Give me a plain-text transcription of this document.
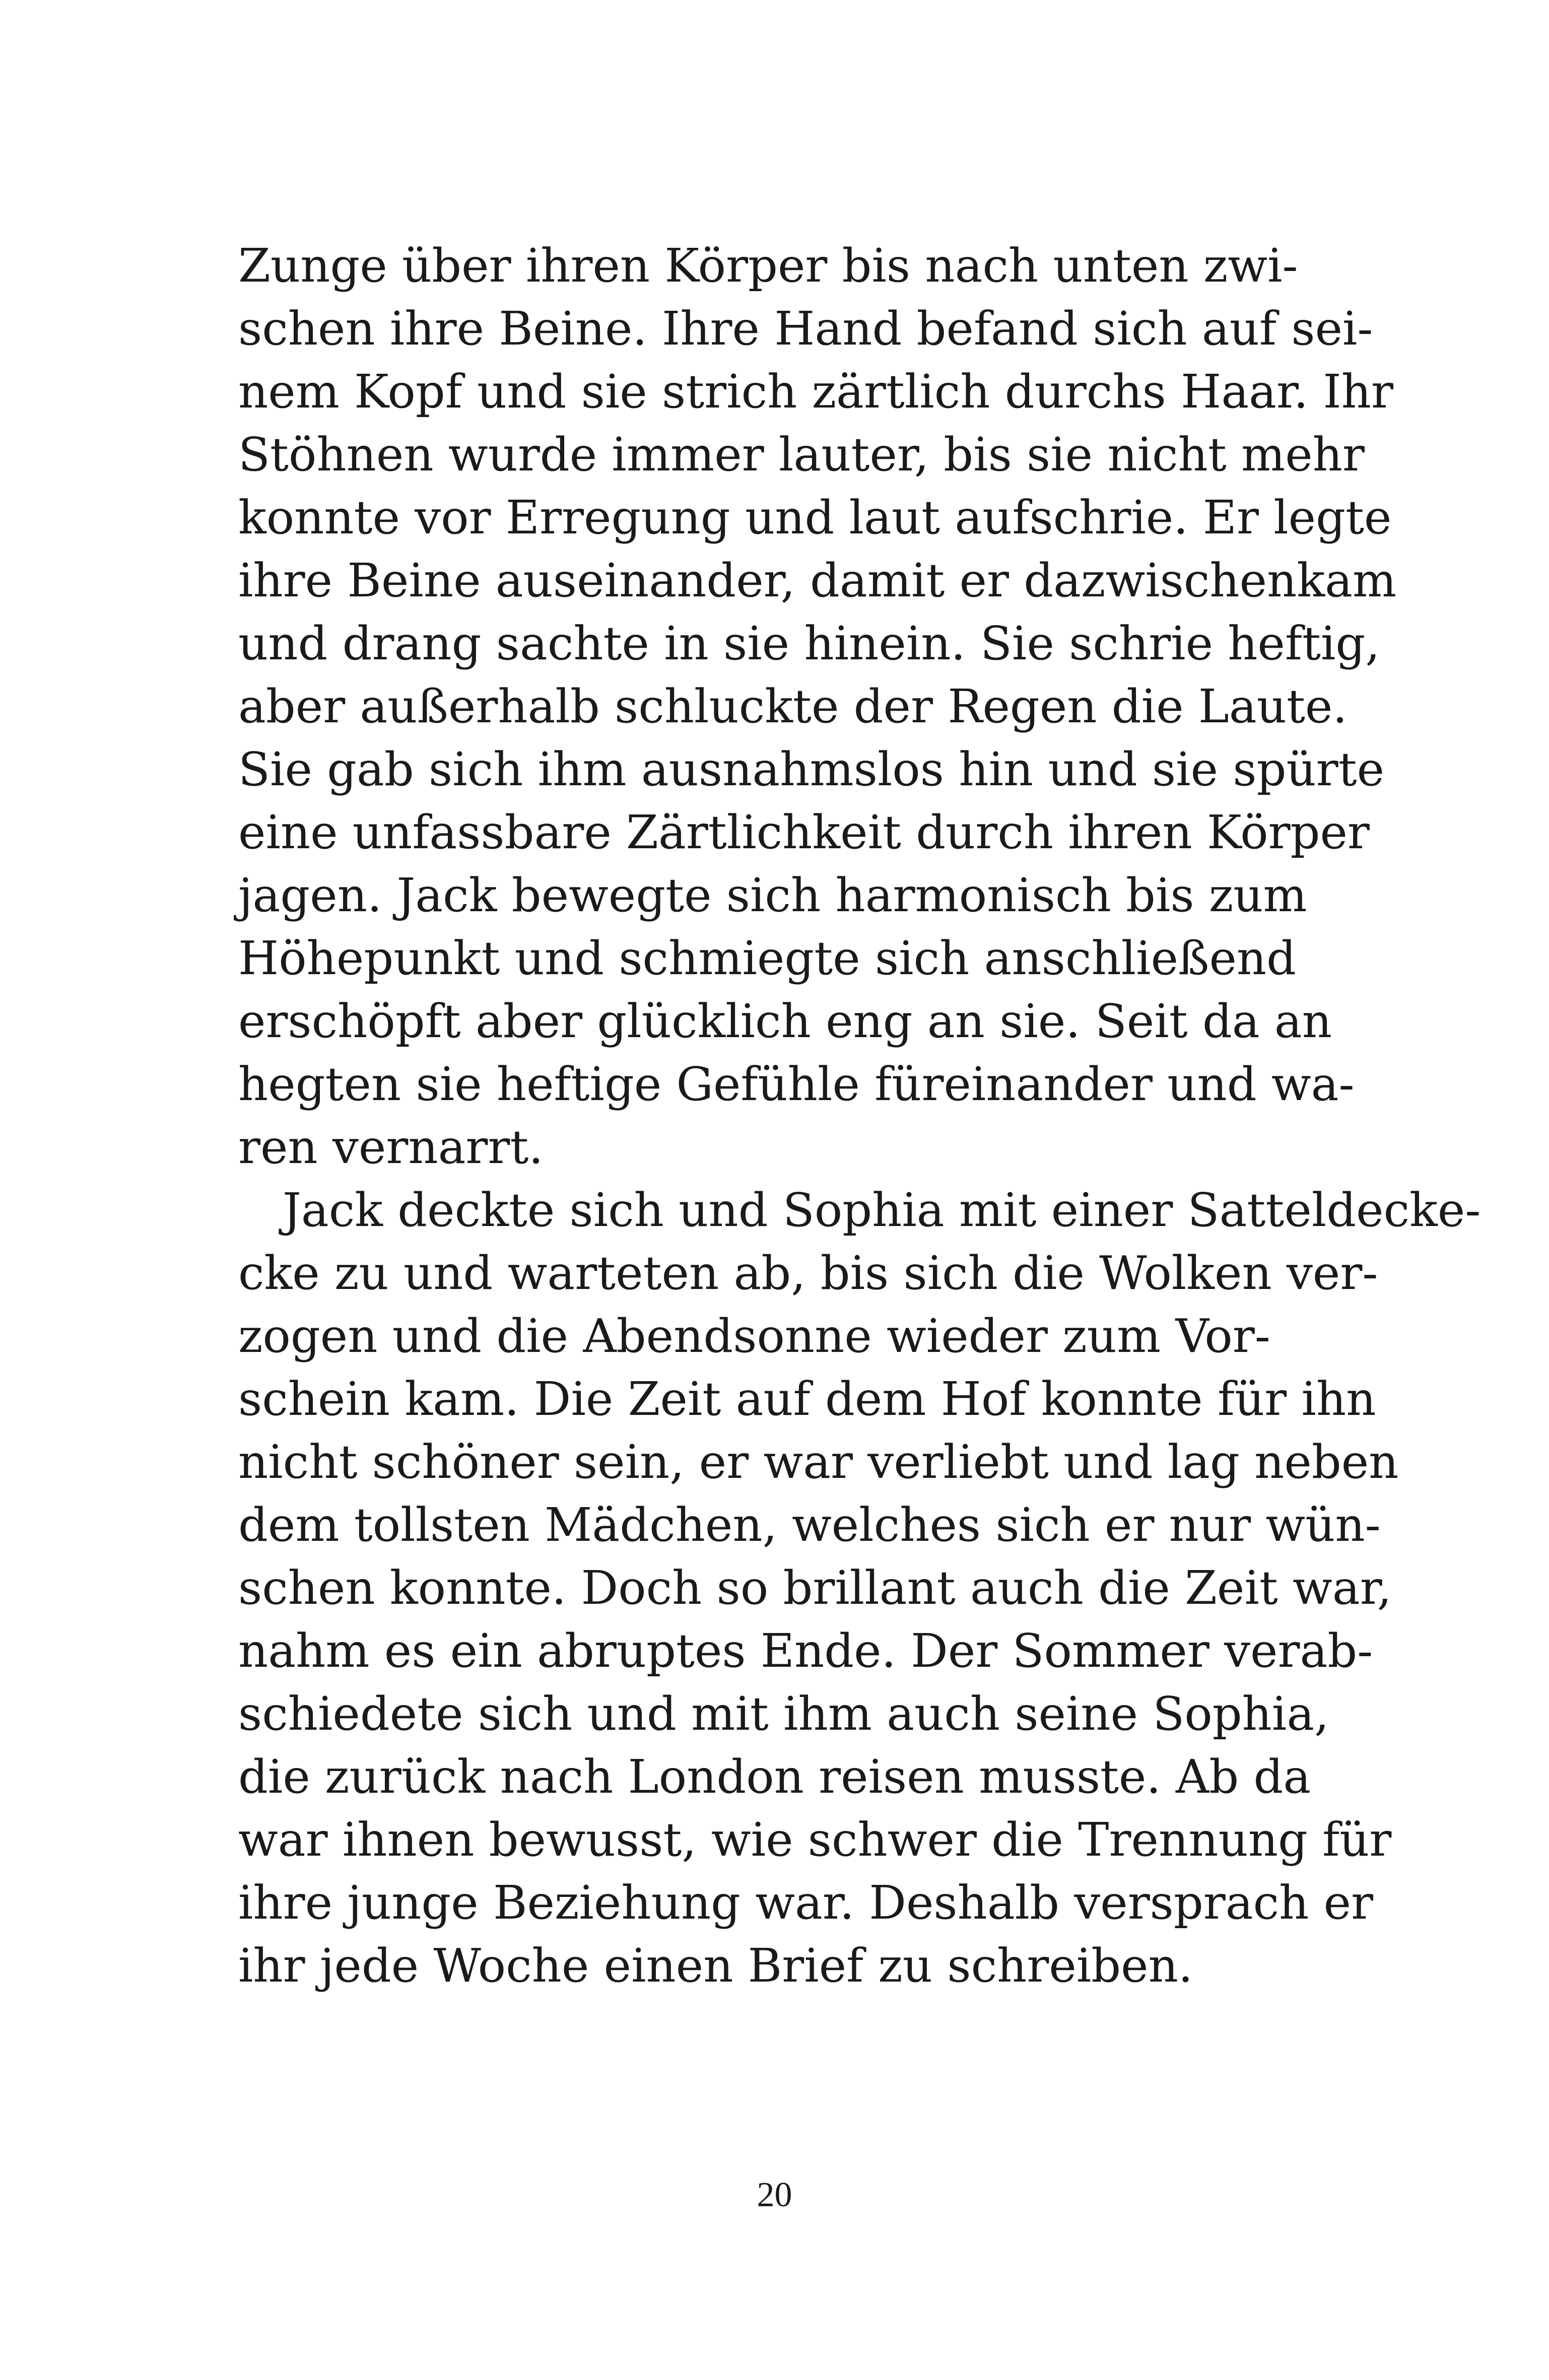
Zunge über ihren Körper bis nach unten zwi-
schen ihre Beine. Ihre Hand befand sich auf sei-
nem Kopf und sie strich zärtlich durchs Haar. Ihr
Stöhnen wurde immer lauter, bis sie nicht mehr
konnte vor Erregung und laut aufschrie. Er legte
ihre Beine auseinander, damit er dazwischenkam
und drang sachte in sie hinein. Sie schrie heftig,
aber außerhalb schluckte der Regen die Laute.
Sie gab sich ihm ausnahmslos hin und sie spürte
eine unfassbare Zärtlichkeit durch ihren Körper
jagen. Jack bewegte sich harmonisch bis zum
Höhepunkt und schmiegte sich anschließend
erschöpft aber glücklich eng an sie. Seit da an
hegten sie heftige Gefühle füreinander und wa-
ren vernarrt.
Jack deckte sich und Sophia mit einer Satteldecke-
cke zu und warteten ab, bis sich die Wolken ver-
zogen und die Abendsonne wieder zum Vor-
schein kam. Die Zeit auf dem Hof konnte für ihn
nicht schöner sein, er war verliebt und lag neben
dem tollsten Mädchen, welches sich er nur wün-
schen konnte. Doch so brillant auch die Zeit war,
nahm es ein abruptes Ende. Der Sommer verab-
schiedete sich und mit ihm auch seine Sophia,
die zurück nach London reisen musste. Ab da
war ihnen bewusst, wie schwer die Trennung für
ihre junge Beziehung war. Deshalb versprach er
ihr jede Woche einen Brief zu schreiben.
20
